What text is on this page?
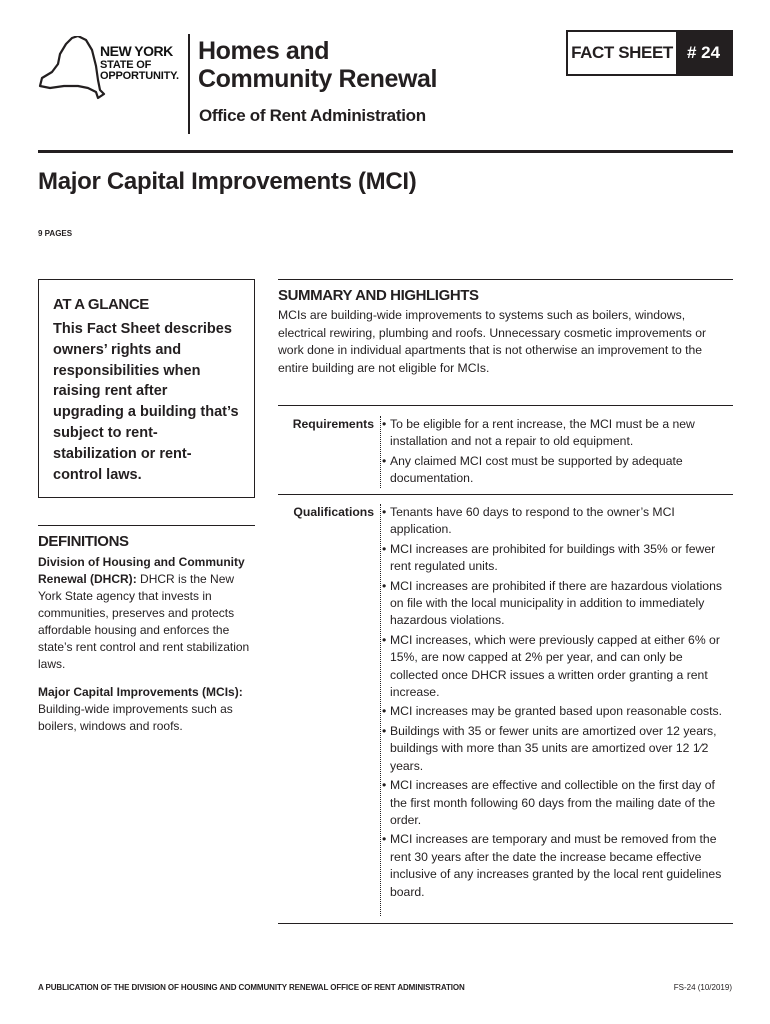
NEW YORK
STATE OF
OPPORTUNITY.
Homes and
Community Renewal
Office of Rent Administration
FACT SHEET # 24
Major Capital Improvements (MCI)
9 PAGES
AT A GLANCE
This Fact Sheet describes owners’ rights and responsibilities when raising rent after upgrading a building that’s subject to rent-stabilization or rent-control laws.
DEFINITIONS

Division of Housing and Community Renewal (DHCR): DHCR is the New York State agency that invests in communities, preserves and protects affordable housing and enforces the state’s rent control and rent stabilization laws.

Major Capital Improvements (MCIs): Building-wide improvements such as boilers, windows and roofs.

SUMMARY AND HIGHLIGHTS
MCIs are building-wide improvements to systems such as boilers, windows, electrical rewiring, plumbing and roofs. Unnecessary cosmetic improvements or work done in individual apartments that is not otherwise an improvement to the entire building are not eligible for MCIs.
Requirements	• To be eligible for a rent increase, the MCI must be a new installation and not a repair to old equipment.
• Any claimed MCI cost must be supported by adequate documentation.
Qualifications	• Tenants have 60 days to respond to the owner’s MCI application.
• MCI increases are prohibited for buildings with 35% or fewer rent regulated units.
• MCI increases are prohibited if there are hazardous violations on file with the local municipality in addition to immediately hazardous violations.
• MCI increases, which were previously capped at either 6% or 15%, are now capped at 2% per year, and can only be collected once DHCR issues a written order granting a rent increase.
• MCI increases may be granted based upon reasonable costs.
• Buildings with 35 or fewer units are amortized over 12 years, buildings with more than 35 units are amortized over 12 1⁄2 years.
• MCI increases are effective and collectible on the first day of the first month following 60 days from the mailing date of the order.
• MCI increases are temporary and must be removed from the rent 30 years after the date the increase became effective inclusive of any increases granted by the local rent guidelines board.
A PUBLICATION OF THE DIVISION OF HOUSING AND COMMUNITY RENEWAL OFFICE OF RENT ADMINISTRATION	FS-24 (10/2019)
